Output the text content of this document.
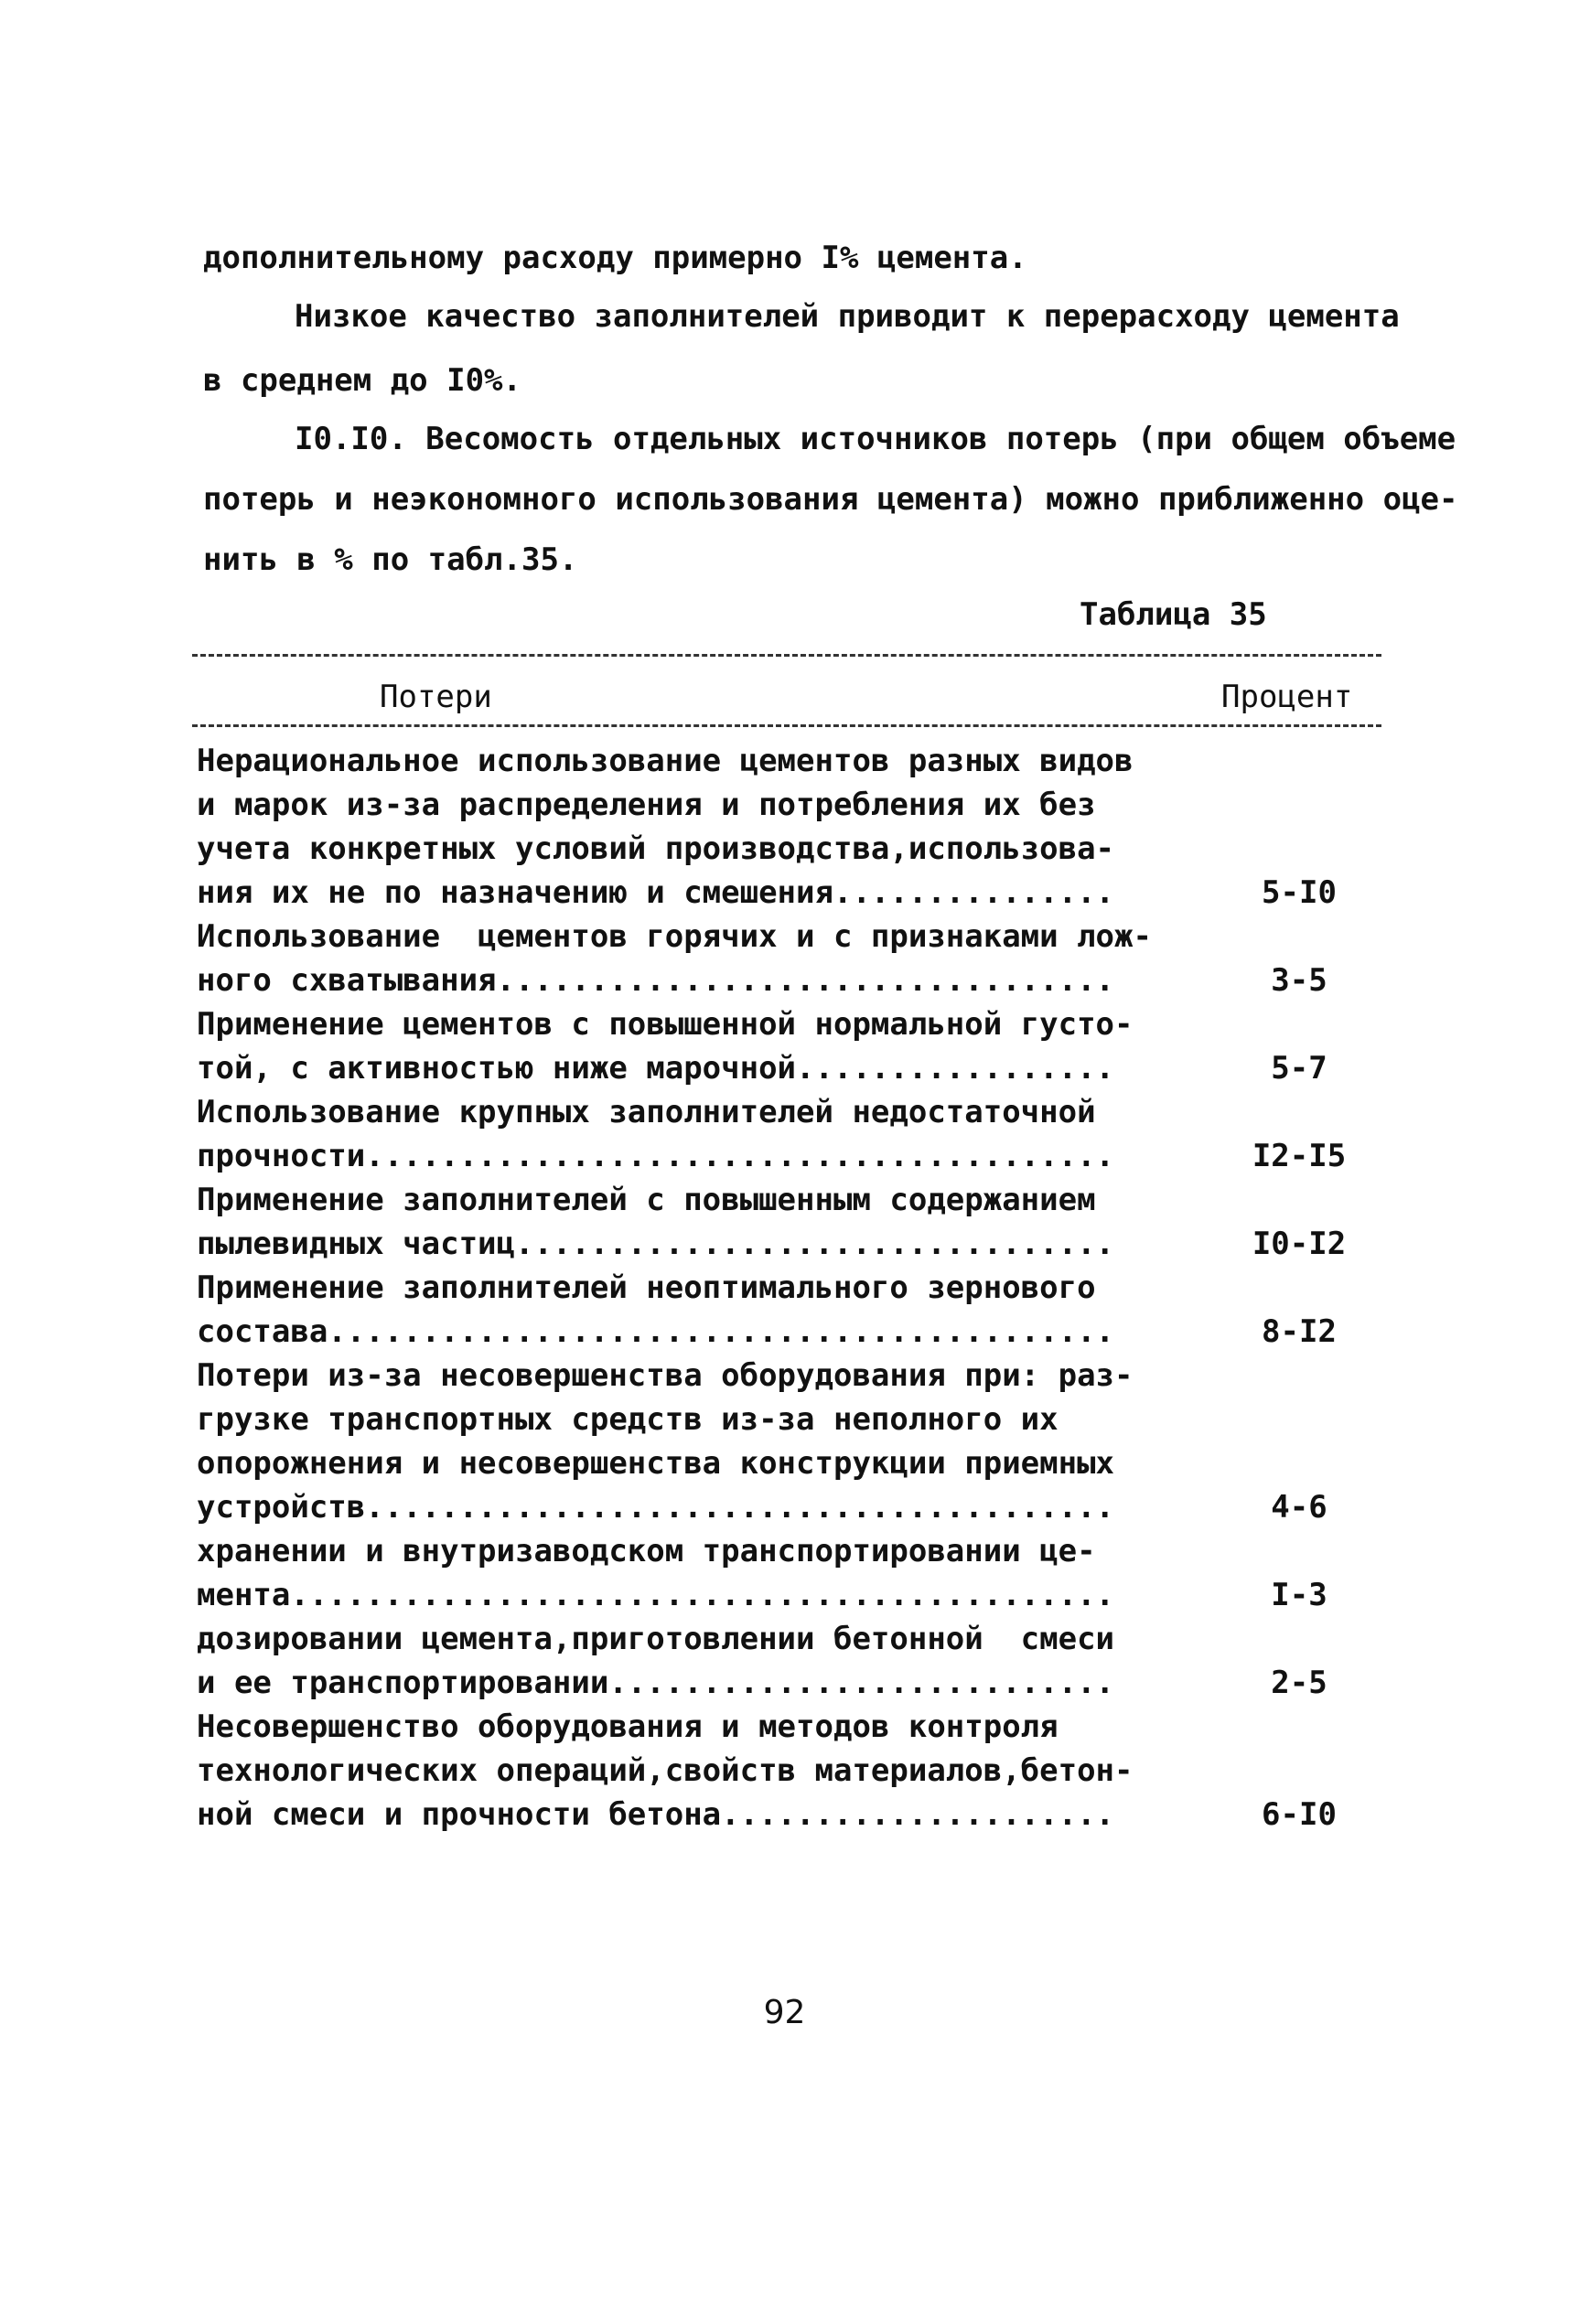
дополнительному расходу примерно I% цемента.
Низкое качество заполнителей приводит к перерасходу цемента
в среднем до I0%.
I0.I0. Весомость отдельных источников потерь (при общем объеме
потерь и неэкономного использования цемента) можно приближенно оце-
нить в % по табл.35.
Таблица 35
Потери	Процент
Нерациональное использование цементов разных видов
и марок из-за распределения и потребления их без
учета конкретных условий производства,использова-
ния их не по назначению и смешения...............	5-I0
Использование  цементов горячих и с признаками лож-
ного схватывания.................................	3-5
Применение цементов с повышенной нормальной густо-
той, с активностью ниже марочной.................	5-7
Использование крупных заполнителей недостаточной
прочности........................................	I2-I5
Применение заполнителей с повышенным содержанием
пылевидных частиц................................	I0-I2
Применение заполнителей неоптимального зернового
состава..........................................	8-I2
Потери из-за несовершенства оборудования при: раз-
грузке транспортных средств из-за неполного их
опорожнения и несовершенства конструкции приемных
устройств........................................	4-6
хранении и внутризаводском транспортировании це-
мента............................................	I-3
дозировании цемента,приготовлении бетонной  смеси
и ее транспортировании...........................	2-5
Несовершенство оборудования и методов контроля
технологических операций,свойств материалов,бетон-
ной смеси и прочности бетона.....................	6-I0
92
